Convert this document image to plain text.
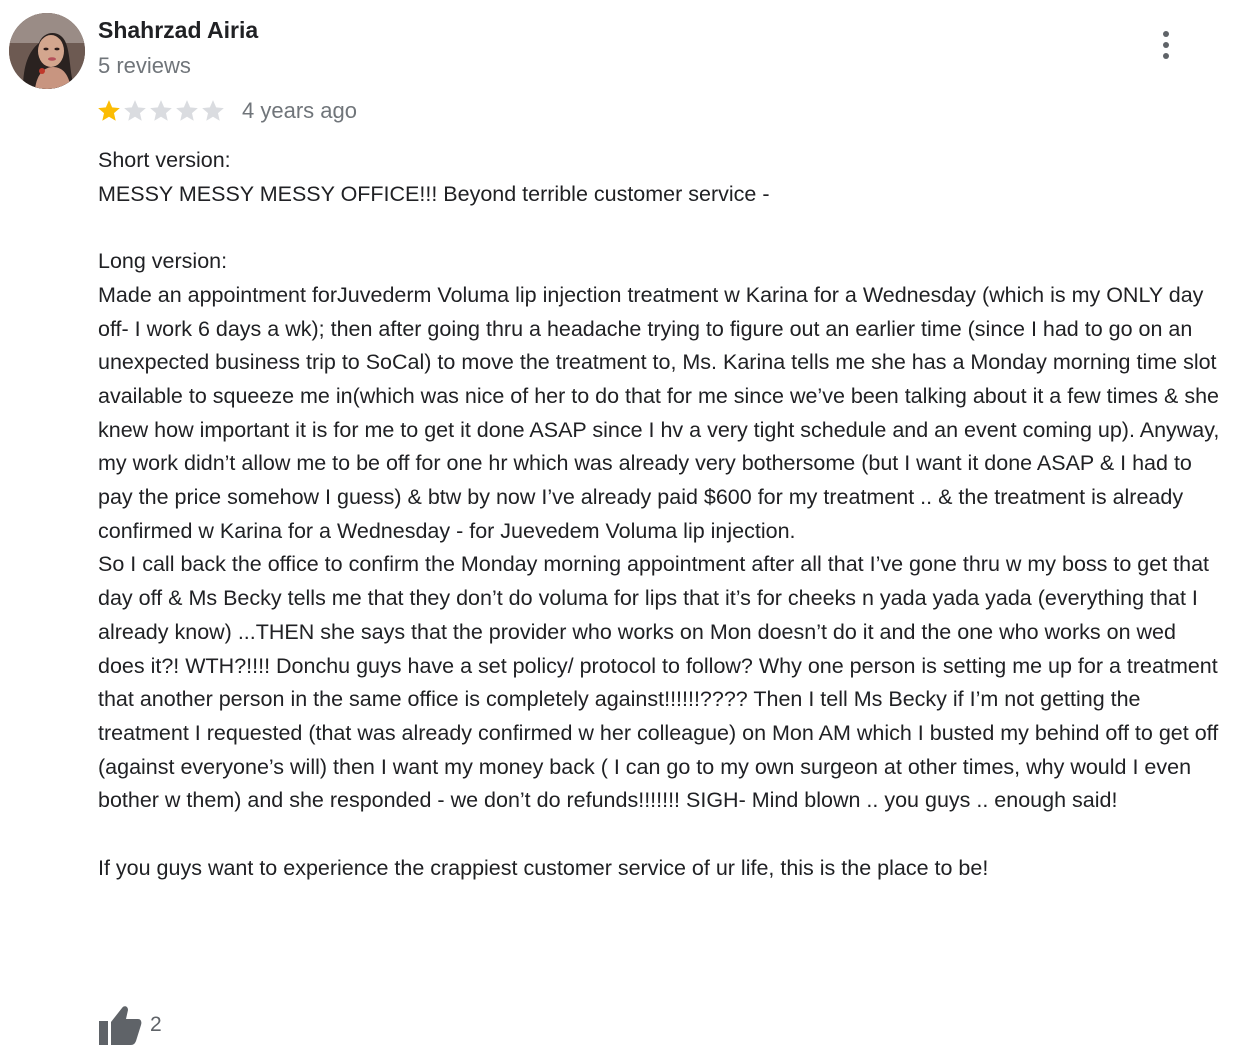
Shahrzad Airia
5 reviews
4 years ago

Short version:

MESSY MESSY MESSY OFFICE!!! Beyond terrible customer service -

Long version:

Made an appointment forJuvederm Voluma lip injection treatment w Karina for a Wednesday (which is my ONLY day off- I work 6 days a wk); then after going thru a headache trying to figure out an earlier time (since I had to go on an unexpected business trip to SoCal) to move the treatment to, Ms. Karina tells me she has a Monday morning time slot available to squeeze me in(which was nice of her to do that for me since we’ve been talking about it a few times & she knew how important it is for me to get it done ASAP since I hv a very tight schedule and an event coming up). Anyway, my work didn’t allow me to be off for one hr which was already very bothersome (but I want it done ASAP & I had to pay the price somehow I guess) & btw by now I’ve already paid $600 for my treatment .. & the treatment is already confirmed w Karina for a Wednesday - for Juevedem Voluma lip injection.

So I call back the office to confirm the Monday morning appointment after all that I’ve gone thru w my boss to get that day off & Ms Becky tells me that they don’t do voluma for lips that it’s for cheeks n yada yada yada (everything that I already know) ...THEN she says that the provider who works on Mon doesn’t do it and the one who works on wed does it?! WTH?!!!! Donchu guys have a set policy/ protocol to follow? Why one person is setting me up for a treatment that another person in the same office is completely against!!!!!!???? Then I tell Ms Becky if I’m not getting the treatment I requested (that was already confirmed w her colleague) on Mon AM which I busted my behind off to get off (against everyone’s will) then I want my money back ( I can go to my own surgeon at other times, why would I even bother w them) and she responded - we don’t do refunds!!!!!!! SIGH- Mind blown .. you guys .. enough said!

If you guys want to experience the crappiest customer service of ur life, this is the place to be!

2
